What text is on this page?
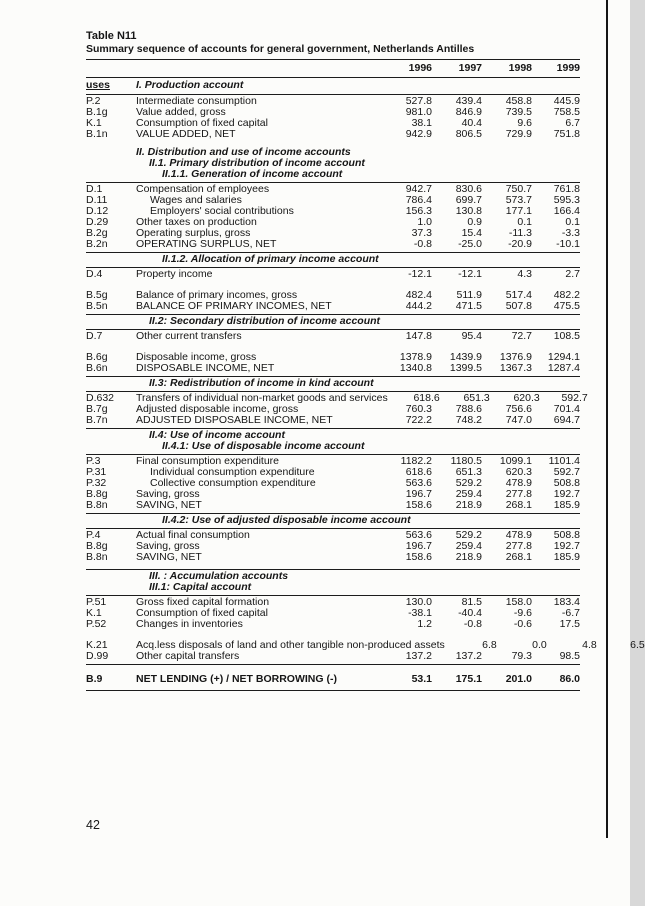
Table N11
Summary sequence of accounts for general government, Netherlands Antilles
1996	1997	1998	1999
uses	I. Production account
P.2	Intermediate consumption	527.8	439.4	458.8	445.9
B.1g	Value added, gross	981.0	846.9	739.5	758.5
K.1	Consumption of fixed capital	38.1	40.4	9.6	6.7
B.1n	VALUE ADDED, NET	942.9	806.5	729.9	751.8
II. Distribution and use of income accounts
II.1. Primary distribution of income account
II.1.1. Generation of income account
D.1	Compensation of employees	942.7	830.6	750.7	761.8
D.11	Wages and salaries	786.4	699.7	573.7	595.3
D.12	Employers' social contributions	156.3	130.8	177.1	166.4
D.29	Other taxes on production	1.0	0.9	0.1	0.1
B.2g	Operating surplus, gross	37.3	15.4	-11.3	-3.3
B.2n	OPERATING SURPLUS, NET	-0.8	-25.0	-20.9	-10.1
II.1.2. Allocation of primary income account
D.4	Property income	-12.1	-12.1	4.3	2.7
B.5g	Balance of primary incomes, gross	482.4	511.9	517.4	482.2
B.5n	BALANCE OF PRIMARY INCOMES, NET	444.2	471.5	507.8	475.5
II.2: Secondary distribution of income account
D.7	Other current transfers	147.8	95.4	72.7	108.5
B.6g	Disposable income, gross	1378.9	1439.9	1376.9	1294.1
B.6n	DISPOSABLE INCOME, NET	1340.8	1399.5	1367.3	1287.4
II.3: Redistribution of income in kind account
D.632	Transfers of individual non-market goods and services	618.6	651.3	620.3	592.7
B.7g	Adjusted disposable income, gross	760.3	788.6	756.6	701.4
B.7n	ADJUSTED DISPOSABLE INCOME, NET	722.2	748.2	747.0	694.7
II.4: Use of income account
II.4.1: Use of disposable income account
P.3	Final consumption expenditure	1182.2	1180.5	1099.1	1101.4
P.31	Individual consumption expenditure	618.6	651.3	620.3	592.7
P.32	Collective consumption expenditure	563.6	529.2	478.9	508.8
B.8g	Saving, gross	196.7	259.4	277.8	192.7
B.8n	SAVING, NET	158.6	218.9	268.1	185.9
II.4.2: Use of adjusted disposable income account
P.4	Actual final consumption	563.6	529.2	478.9	508.8
B.8g	Saving, gross	196.7	259.4	277.8	192.7
B.8n	SAVING, NET	158.6	218.9	268.1	185.9
III. : Accumulation accounts
III.1: Capital account
P.51	Gross fixed capital formation	130.0	81.5	158.0	183.4
K.1	Consumption of fixed capital	-38.1	-40.4	-9.6	-6.7
P.52	Changes in inventories	1.2	-0.8	-0.6	17.5
K.21	Acq.less disposals of land and other tangible non-produced assets	6.8	0.0	4.8	6.5
D.99	Other capital transfers	137.2	137.2	79.3	98.5
B.9	NET LENDING (+) / NET BORROWING (-)	53.1	175.1	201.0	86.0
42
